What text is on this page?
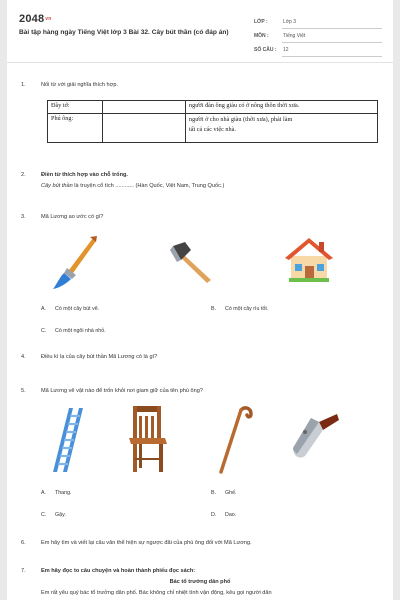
2048vn
Bài tập hàng ngày Tiếng Việt lớp 3 Bài 32. Cây bút thần (có đáp án)
LỚP :	Lớp 3
MÔN :	Tiếng Việt
SỐ CÂU :	12
1.	Nối từ với giải nghĩa thích hợp.
Đầy tớ:		người đàn ông giàu có ở nông thôn thời xưa.
Phú ông:		người ở cho nhà giàu (thời xưa), phải làm
tất cả các việc nhà.
2.	Điền từ thích hợp vào chỗ trống.
Cây bút thần là truyện cổ tích ............ (Hàn Quốc, Việt Nam, Trung Quốc.)
3.	Mã Lương ao ước có gì?
A. Có một cây bút vẽ.	B. Có một cây rìu tốt.
C. Có một ngôi nhà nhỏ.
4.	Điều kì lạ của cây bút thần Mã Lương có là gì?
5.	Mã Lương vẽ vật nào để trốn khỏi nơi giam giữ của tên phú ông?
A. Thang.	B. Ghế.
C. Gậy.	D. Dao.
6.	Em hãy tìm và viết lại câu văn thể hiện sự ngược đãi của phú ông đối với Mã Lương.
7.	Em hãy đọc to câu chuyện và hoàn thành phiếu đọc sách:
Bác tổ trưởng dân phố
Em rất yêu quý bác tổ trưởng dân phố. Bác không chỉ nhiệt tình vận động, kêu gọi người dân
